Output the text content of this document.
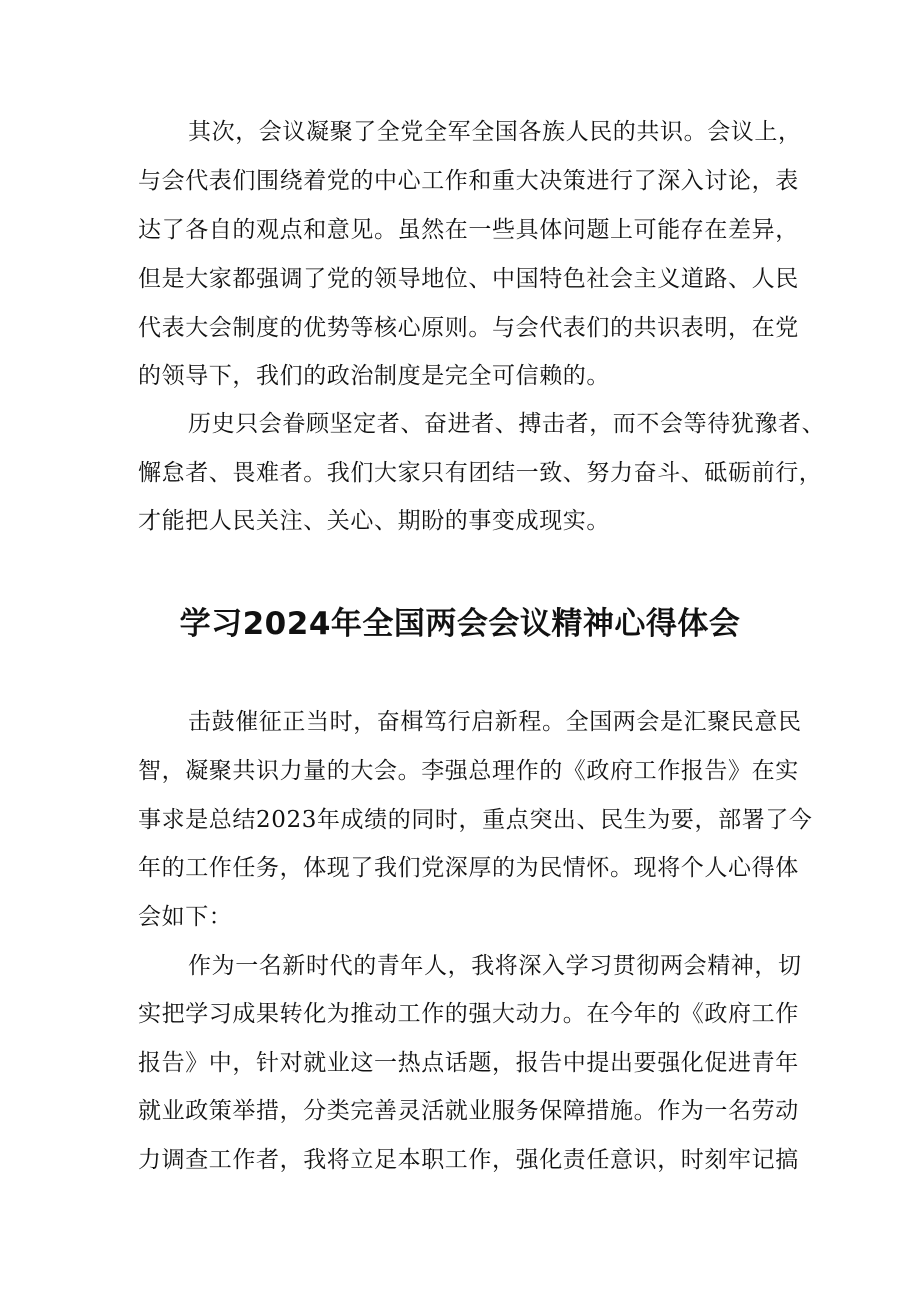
其次，会议凝聚了全党全军全国各族人民的共识。会议上，
与会代表们围绕着党的中心工作和重大决策进行了深入讨论，表
达了各自的观点和意见。虽然在一些具体问题上可能存在差异，
但是大家都强调了党的领导地位、中国特色社会主义道路、人民
代表大会制度的优势等核心原则。与会代表们的共识表明，在党
的领导下，我们的政治制度是完全可信赖的。
历史只会眷顾坚定者、奋进者、搏击者，而不会等待犹豫者、
懈怠者、畏难者。我们大家只有团结一致、努力奋斗、砥砺前行，
才能把人民关注、关心、期盼的事变成现实。
学习2024年全国两会会议精神心得体会
击鼓催征正当时，奋楫笃行启新程。全国两会是汇聚民意民
智，凝聚共识力量的大会。李强总理作的《政府工作报告》在实
事求是总结2023年成绩的同时，重点突出、民生为要，部署了今
年的工作任务，体现了我们党深厚的为民情怀。现将个人心得体
会如下：
作为一名新时代的青年人，我将深入学习贯彻两会精神，切
实把学习成果转化为推动工作的强大动力。在今年的《政府工作
报告》中，针对就业这一热点话题，报告中提出要强化促进青年
就业政策举措，分类完善灵活就业服务保障措施。作为一名劳动
力调查工作者，我将立足本职工作，强化责任意识，时刻牢记搞
